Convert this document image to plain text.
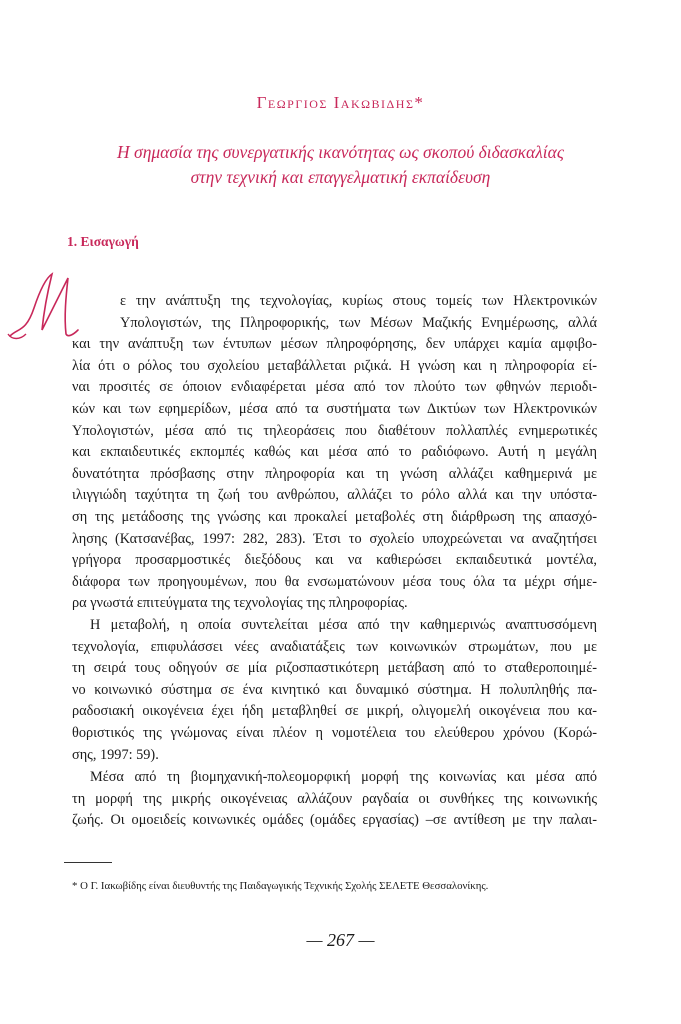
Γεωργιος Ιακωβιδης*
Η σημασία της συνεργατικής ικανότητας ως σκοπού διδασκαλίας
στην τεχνική και επαγγελματική εκπαίδευση
1. Εισαγωγή
ε την ανάπτυξη της τεχνολογίας, κυρίως στους τομείς των Ηλεκτρονικών
Υπολογιστών, της Πληροφορικής, των Μέσων Μαζικής Ενημέρωσης, αλλά
και την ανάπτυξη των έντυπων μέσων πληροφόρησης, δεν υπάρχει καμία αμφιβο-
λία ότι ο ρόλος του σχολείου μεταβάλλεται ριζικά. Η γνώση και η πληροφορία εί-
ναι προσιτές σε όποιον ενδιαφέρεται μέσα από τον πλούτο των φθηνών περιοδι-
κών και των εφημερίδων, μέσα από τα συστήματα των Δικτύων των Ηλεκτρονικών
Υπολογιστών, μέσα από τις τηλεοράσεις που διαθέτουν πολλαπλές ενημερωτικές
και εκπαιδευτικές εκπομπές καθώς και μέσα από το ραδιόφωνο. Αυτή η μεγάλη
δυνατότητα πρόσβασης στην πληροφορία και τη γνώση αλλάζει καθημερινά με
ιλιγγιώδη ταχύτητα τη ζωή του ανθρώπου, αλλάζει το ρόλο αλλά και την υπόστα-
ση της μετάδοσης της γνώσης και προκαλεί μεταβολές στη διάρθρωση της απασχό-
λησης (Κατσανέβας, 1997: 282, 283). Έτσι το σχολείο υποχρεώνεται να αναζητήσει
γρήγορα προσαρμοστικές διεξόδους και να καθιερώσει εκπαιδευτικά μοντέλα,
διάφορα των προηγουμένων, που θα ενσωματώνουν μέσα τους όλα τα μέχρι σήμε-
ρα γνωστά επιτεύγματα της τεχνολογίας της πληροφορίας.
Η μεταβολή, η οποία συντελείται μέσα από την καθημερινώς αναπτυσσόμενη
τεχνολογία, επιφυλάσσει νέες αναδιατάξεις των κοινωνικών στρωμάτων, που με
τη σειρά τους οδηγούν σε μία ριζοσπαστικότερη μετάβαση από το σταθεροποιημέ-
νο κοινωνικό σύστημα σε ένα κινητικό και δυναμικό σύστημα. Η πολυπληθής πα-
ραδοσιακή οικογένεια έχει ήδη μεταβληθεί σε μικρή, ολιγομελή οικογένεια που κα-
θοριστικός της γνώμονας είναι πλέον η νομοτέλεια του ελεύθερου χρόνου (Κορώ-
σης, 1997: 59).
Μέσα από τη βιομηχανική-πολεομορφική μορφή της κοινωνίας και μέσα από
τη μορφή της μικρής οικογένειας αλλάζουν ραγδαία οι συνθήκες της κοινωνικής
ζωής. Οι ομοειδείς κοινωνικές ομάδες (ομάδες εργασίας) –σε αντίθεση με την παλαι-
* Ο Γ. Ιακωβίδης είναι διευθυντής της Παιδαγωγικής Τεχνικής Σχολής ΣΕΛΕΤΕ Θεσσαλονίκης.
— 267 —
